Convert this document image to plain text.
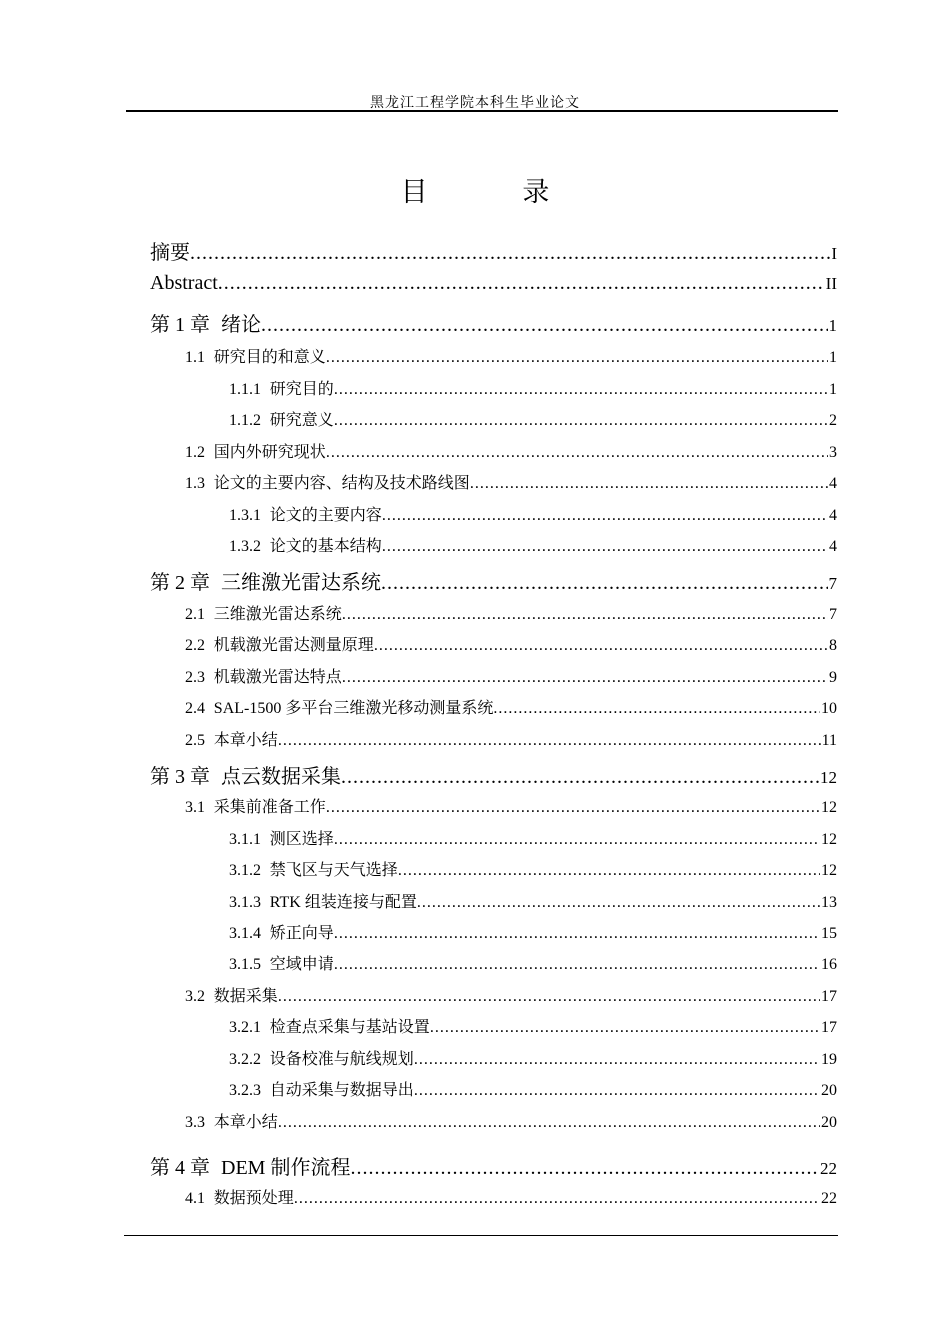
黑龙江工程学院本科生毕业论文
目 录
摘要 .....	I
Abstract .....	II
第 1 章 绪论 .....	1
1.1 研究目的和意义 .....	1
1.1.1 研究目的 .....	1
1.1.2 研究意义 .....	2
1.2 国内外研究现状 .....	3
1.3 论文的主要内容、结构及技术路线图 .....	4
1.3.1 论文的主要内容 .....	4
1.3.2 论文的基本结构 .....	4
第 2 章 三维激光雷达系统 .....	7
2.1 三维激光雷达系统 .....	7
2.2 机载激光雷达测量原理 .....	8
2.3 机载激光雷达特点 .....	9
2.4 SAL-1500 多平台三维激光移动测量系统 .....	10
2.5 本章小结 .....	11
第 3 章 点云数据采集 .....	12
3.1 采集前准备工作 .....	12
3.1.1 测区选择 .....	12
3.1.2 禁飞区与天气选择 .....	12
3.1.3 RTK 组装连接与配置 .....	13
3.1.4 矫正向导 .....	15
3.1.5 空域申请 .....	16
3.2 数据采集 .....	17
3.2.1 检查点采集与基站设置 .....	17
3.2.2 设备校准与航线规划 .....	19
3.2.3 自动采集与数据导出 .....	20
3.3 本章小结 .....	20
第 4 章 DEM 制作流程 .....	22
4.1 数据预处理 .....	22
